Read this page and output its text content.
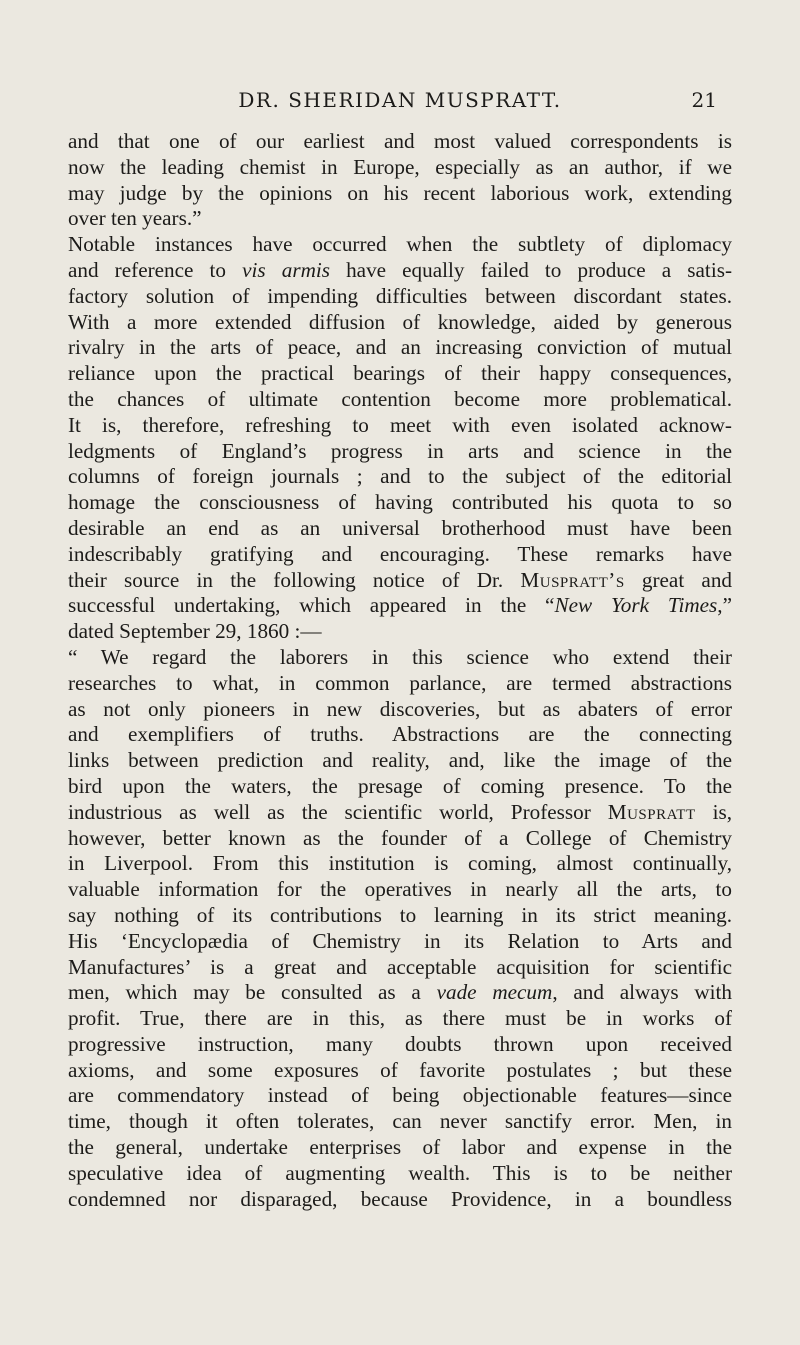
DR. SHERIDAN MUSPRATT.	21
and that one of our earliest and most valued correspondents is
now the leading chemist in Europe, especially as an author, if we
may judge by the opinions on his recent laborious work, extending
over ten years.”
Notable instances have occurred when the subtlety of diplomacy
and reference to vis armis have equally failed to produce a satis-
factory solution of impending difficulties between discordant states.
With a more extended diffusion of knowledge, aided by generous
rivalry in the arts of peace, and an increasing conviction of mutual
reliance upon the practical bearings of their happy consequences,
the chances of ultimate contention become more problematical.
It is, therefore, refreshing to meet with even isolated acknow-
ledgments of England’s progress in arts and science in the
columns of foreign journals ; and to the subject of the editorial
homage the consciousness of having contributed his quota to so
desirable an end as an universal brotherhood must have been
indescribably gratifying and encouraging. These remarks have
their source in the following notice of Dr. Muspratt’s great and
successful undertaking, which appeared in the “New York Times,”
dated September 29, 1860 :—
“ We regard the laborers in this science who extend their
researches to what, in common parlance, are termed abstractions
as not only pioneers in new discoveries, but as abaters of error
and exemplifiers of truths. Abstractions are the connecting
links between prediction and reality, and, like the image of the
bird upon the waters, the presage of coming presence. To the
industrious as well as the scientific world, Professor Muspratt is,
however, better known as the founder of a College of Chemistry
in Liverpool. From this institution is coming, almost continually,
valuable information for the operatives in nearly all the arts, to
say nothing of its contributions to learning in its strict meaning.
His ‘Encyclopædia of Chemistry in its Relation to Arts and
Manufactures’ is a great and acceptable acquisition for scientific
men, which may be consulted as a vade mecum, and always with
profit. True, there are in this, as there must be in works of
progressive instruction, many doubts thrown upon received
axioms, and some exposures of favorite postulates ; but these
are commendatory instead of being objectionable features—since
time, though it often tolerates, can never sanctify error. Men, in
the general, undertake enterprises of labor and expense in the
speculative idea of augmenting wealth. This is to be neither
condemned nor disparaged, because Providence, in a boundless
